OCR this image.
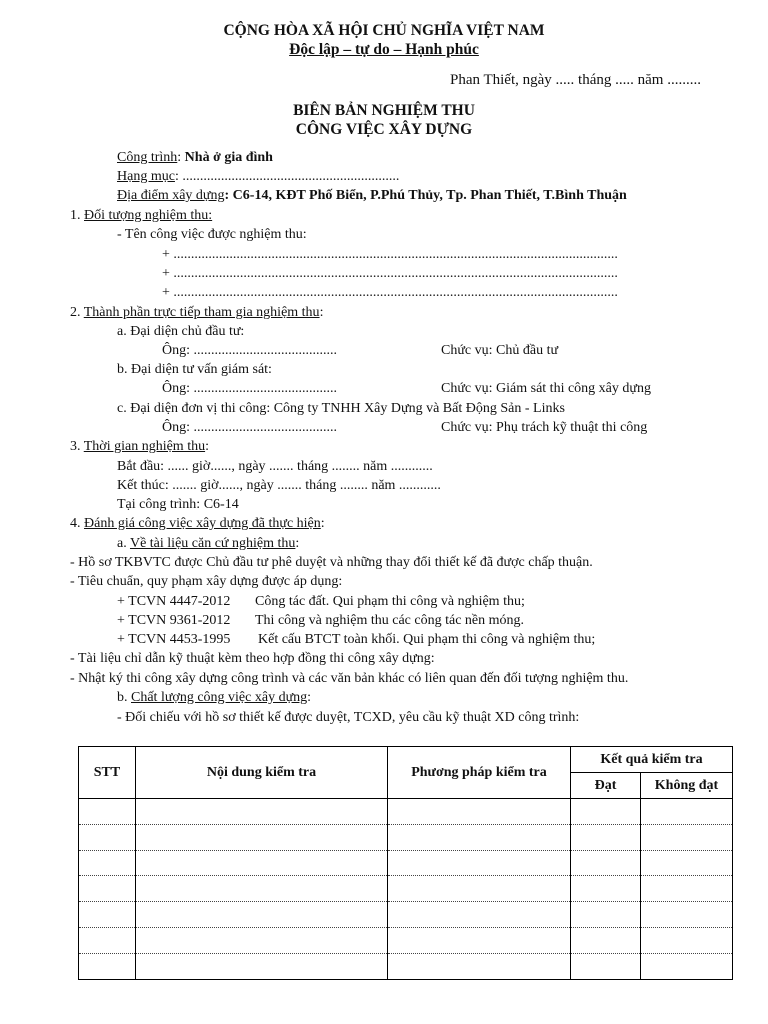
CỘNG HÒA XÃ HỘI CHỦ NGHĨA VIỆT NAM
Độc lập – tự do – Hạnh phúc
Phan Thiết, ngày ..... tháng ..... năm .........
BIÊN BẢN NGHIỆM THU
CÔNG VIỆC XÂY DỰNG
Công trình: Nhà ở gia đình
Hạng mục: ..............................................................
Địa điểm xây dựng: C6-14, KĐT Phố Biển, P.Phú Thủy, Tp. Phan Thiết, T.Bình Thuận
1. Đối tượng nghiệm thu:
- Tên công việc được nghiệm thu:
+ ...............................................................................................................................
+ ...............................................................................................................................
+ ...............................................................................................................................
2. Thành phần trực tiếp tham gia nghiệm thu:
a. Đại diện chủ đầu tư:
Ông: .........................................	Chức vụ: Chủ đầu tư
b. Đại diện tư vấn giám sát:
Ông: .........................................	Chức vụ: Giám sát thi công xây dựng
c. Đại diện đơn vị thi công: Công ty TNHH Xây Dựng và Bất Động Sản - Links
Ông: .........................................	Chức vụ: Phụ trách kỹ thuật thi công
3. Thời gian nghiệm thu:
Bắt đầu: ...... giờ......, ngày ....... tháng ........ năm ............
Kết thúc: ....... giờ......, ngày ....... tháng ........ năm ............
Tại công trình: C6-14
4. Đánh giá công việc xây dựng đã thực hiện:
a. Về tài liệu căn cứ nghiệm thu:
- Hồ sơ TKBVTC được Chủ đầu tư phê duyệt và những thay đổi thiết kế đã được chấp thuận.
- Tiêu chuẩn, quy phạm xây dựng được áp dụng:
+ TCVN 4447-2012 Công tác đất. Qui phạm thi công và nghiệm thu;
+ TCVN 9361-2012 Thi công và nghiệm thu các công tác nền móng.
+ TCVN 4453-1995 Kết cấu BTCT toàn khối. Qui phạm thi công và nghiệm thu;
- Tài liệu chỉ dẫn kỹ thuật kèm theo hợp đồng thi công xây dựng:
- Nhật ký thi công xây dựng công trình và các văn bản khác có liên quan đến đối tượng nghiệm thu.
b. Chất lượng công việc xây dựng:
- Đối chiếu với hồ sơ thiết kế được duyệt, TCXD, yêu cầu kỹ thuật XD công trình:
STT	Nội dung kiểm tra	Phương pháp kiểm tra	Kết quả kiểm tra	
			Đạt	Không đạt
